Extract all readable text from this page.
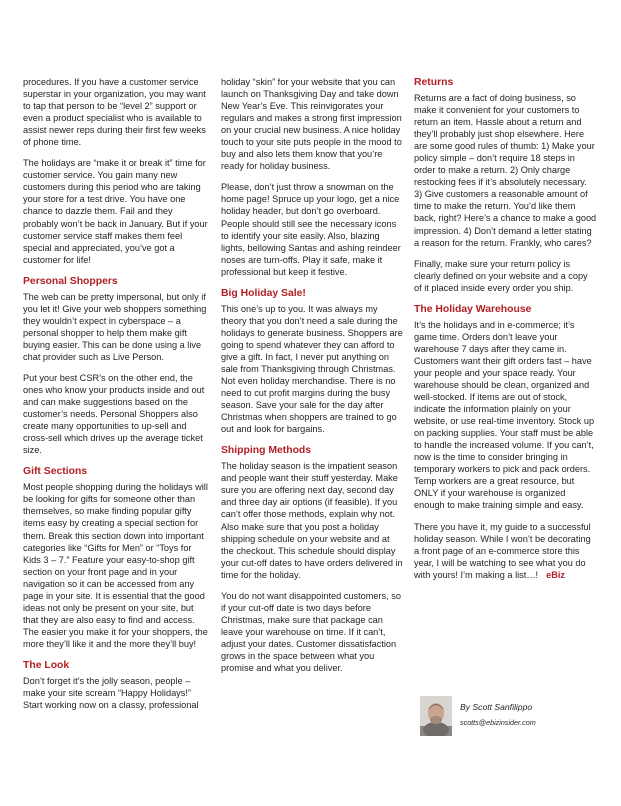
procedures. If you have a customer service superstar in your organization, you may want to tap that person to be “level 2” support or even a product specialist who is available to assist newer reps during their first few weeks of phone time.

The holidays are “make it or break it” time for customer service. You gain many new customers during this period who are taking your store for a test drive. You have one chance to dazzle them. Fail and they probably won’t be back in January. But if your customer service staff makes them feel special and appreciated, you’ve got a customer for life!

Personal Shoppers

The web can be pretty impersonal, but only if you let it! Give your web shoppers something they wouldn’t expect in cyberspace – a personal shopper to help them make gift buying easier. This can be done using a live chat provider such as Live Person.

Put your best CSR’s on the other end, the ones who know your products inside and out and can make suggestions based on the customer’s needs. Personal Shoppers also create many opportunities to up-sell and cross-sell which drives up the average ticket size.

Gift Sections

Most people shopping during the holidays will be looking for gifts for someone other than themselves, so make finding popular gifty items easy by creating a special section for them. Break this section down into important categories like “Gifts for Men” or “Toys for Kids 3 – 7.” Feature your easy-to-shop gift section on your front page and in your navigation so it can be accessed from any page in your site. It is essential that the good ideas not only be present on your site, but that they are also easy to find and access. The easier you make it for your shoppers, the more they’ll like it and the more they’ll buy!

The Look

Don’t forget it’s the jolly season, people – make your site scream “Happy Holidays!” Start working now on a classy, professional

holiday “skin” for your website that you can launch on Thanksgiving Day and take down New Year’s Eve. This reinvigorates your regulars and makes a strong first impression on your crucial new business. A nice holiday touch to your site puts people in the mood to buy and also lets them know that you’re ready for holiday business.

Please, don’t just throw a snowman on the home page! Spruce up your logo, get a nice holiday header, but don’t go overboard. People should still see the necessary icons to identify your site easily. Also, blazing lights, bellowing Santas and ashing reindeer noses are turn-offs. Play it safe, make it professional but keep it festive.

Big Holiday Sale!

This one’s up to you. It was always my theory that you don’t need a sale during the holidays to generate business. Shoppers are going to spend whatever they can afford to give a gift. In fact, I never put anything on sale from Thanksgiving through Christmas. Not even holiday merchandise. There is no need to cut profit margins during the busy season. Save your sale for the day after Christmas when shoppers are trained to go out and look for bargains.

Shipping Methods

The holiday season is the impatient season and people want their stuff yesterday. Make sure you are offering next day, second day and three day air options (if feasible). If you can’t offer those methods, explain why not. Also make sure that you post a holiday shipping schedule on your website and at the checkout. This schedule should display your cut-off dates to have orders delivered in time for the holiday.

You do not want disappointed customers, so if your cut-off date is two days before Christmas, make sure that package can leave your warehouse on time. If it can’t, adjust your dates. Customer dissatisfaction grows in the space between what you promise and what you deliver.

Returns

Returns are a fact of doing business, so make it convenient for your customers to return an item. Hassle about a return and they’ll probably just shop elsewhere. Here are some good rules of thumb: 1) Make your policy simple – don’t require 18 steps in order to make a return. 2) Only charge restocking fees if it’s absolutely necessary. 3) Give customers a reasonable amount of time to make the return. You’d like them back, right? Here’s a chance to make a good impression. 4) Don’t demand a letter stating a reason for the return. Frankly, who cares?

Finally, make sure your return policy is clearly defined on your website and a copy of it placed inside every order you ship.

The Holiday Warehouse

It’s the holidays and in e-commerce; it’s game time. Orders don’t leave your warehouse 7 days after they came in. Customers want their gift orders fast – have your people and your space ready. Your warehouse should be clean, organized and well-stocked. If items are out of stock, indicate the information plainly on your website, or use real-time inventory. Stock up on packing supplies. Your staff must be able to handle the increased volume. If you can’t, now is the time to consider bringing in temporary workers to pick and pack orders. Temp workers are a great resource, but ONLY if your warehouse is organized enough to make training simple and easy.

There you have it, my guide to a successful holiday season. While I won’t be decorating a front page of an e-commerce store this year, I will be watching to see what you do with yours! I’m making a list…! eBiz

By Scott Sanfilippo
scotts@ebizinsider.com
